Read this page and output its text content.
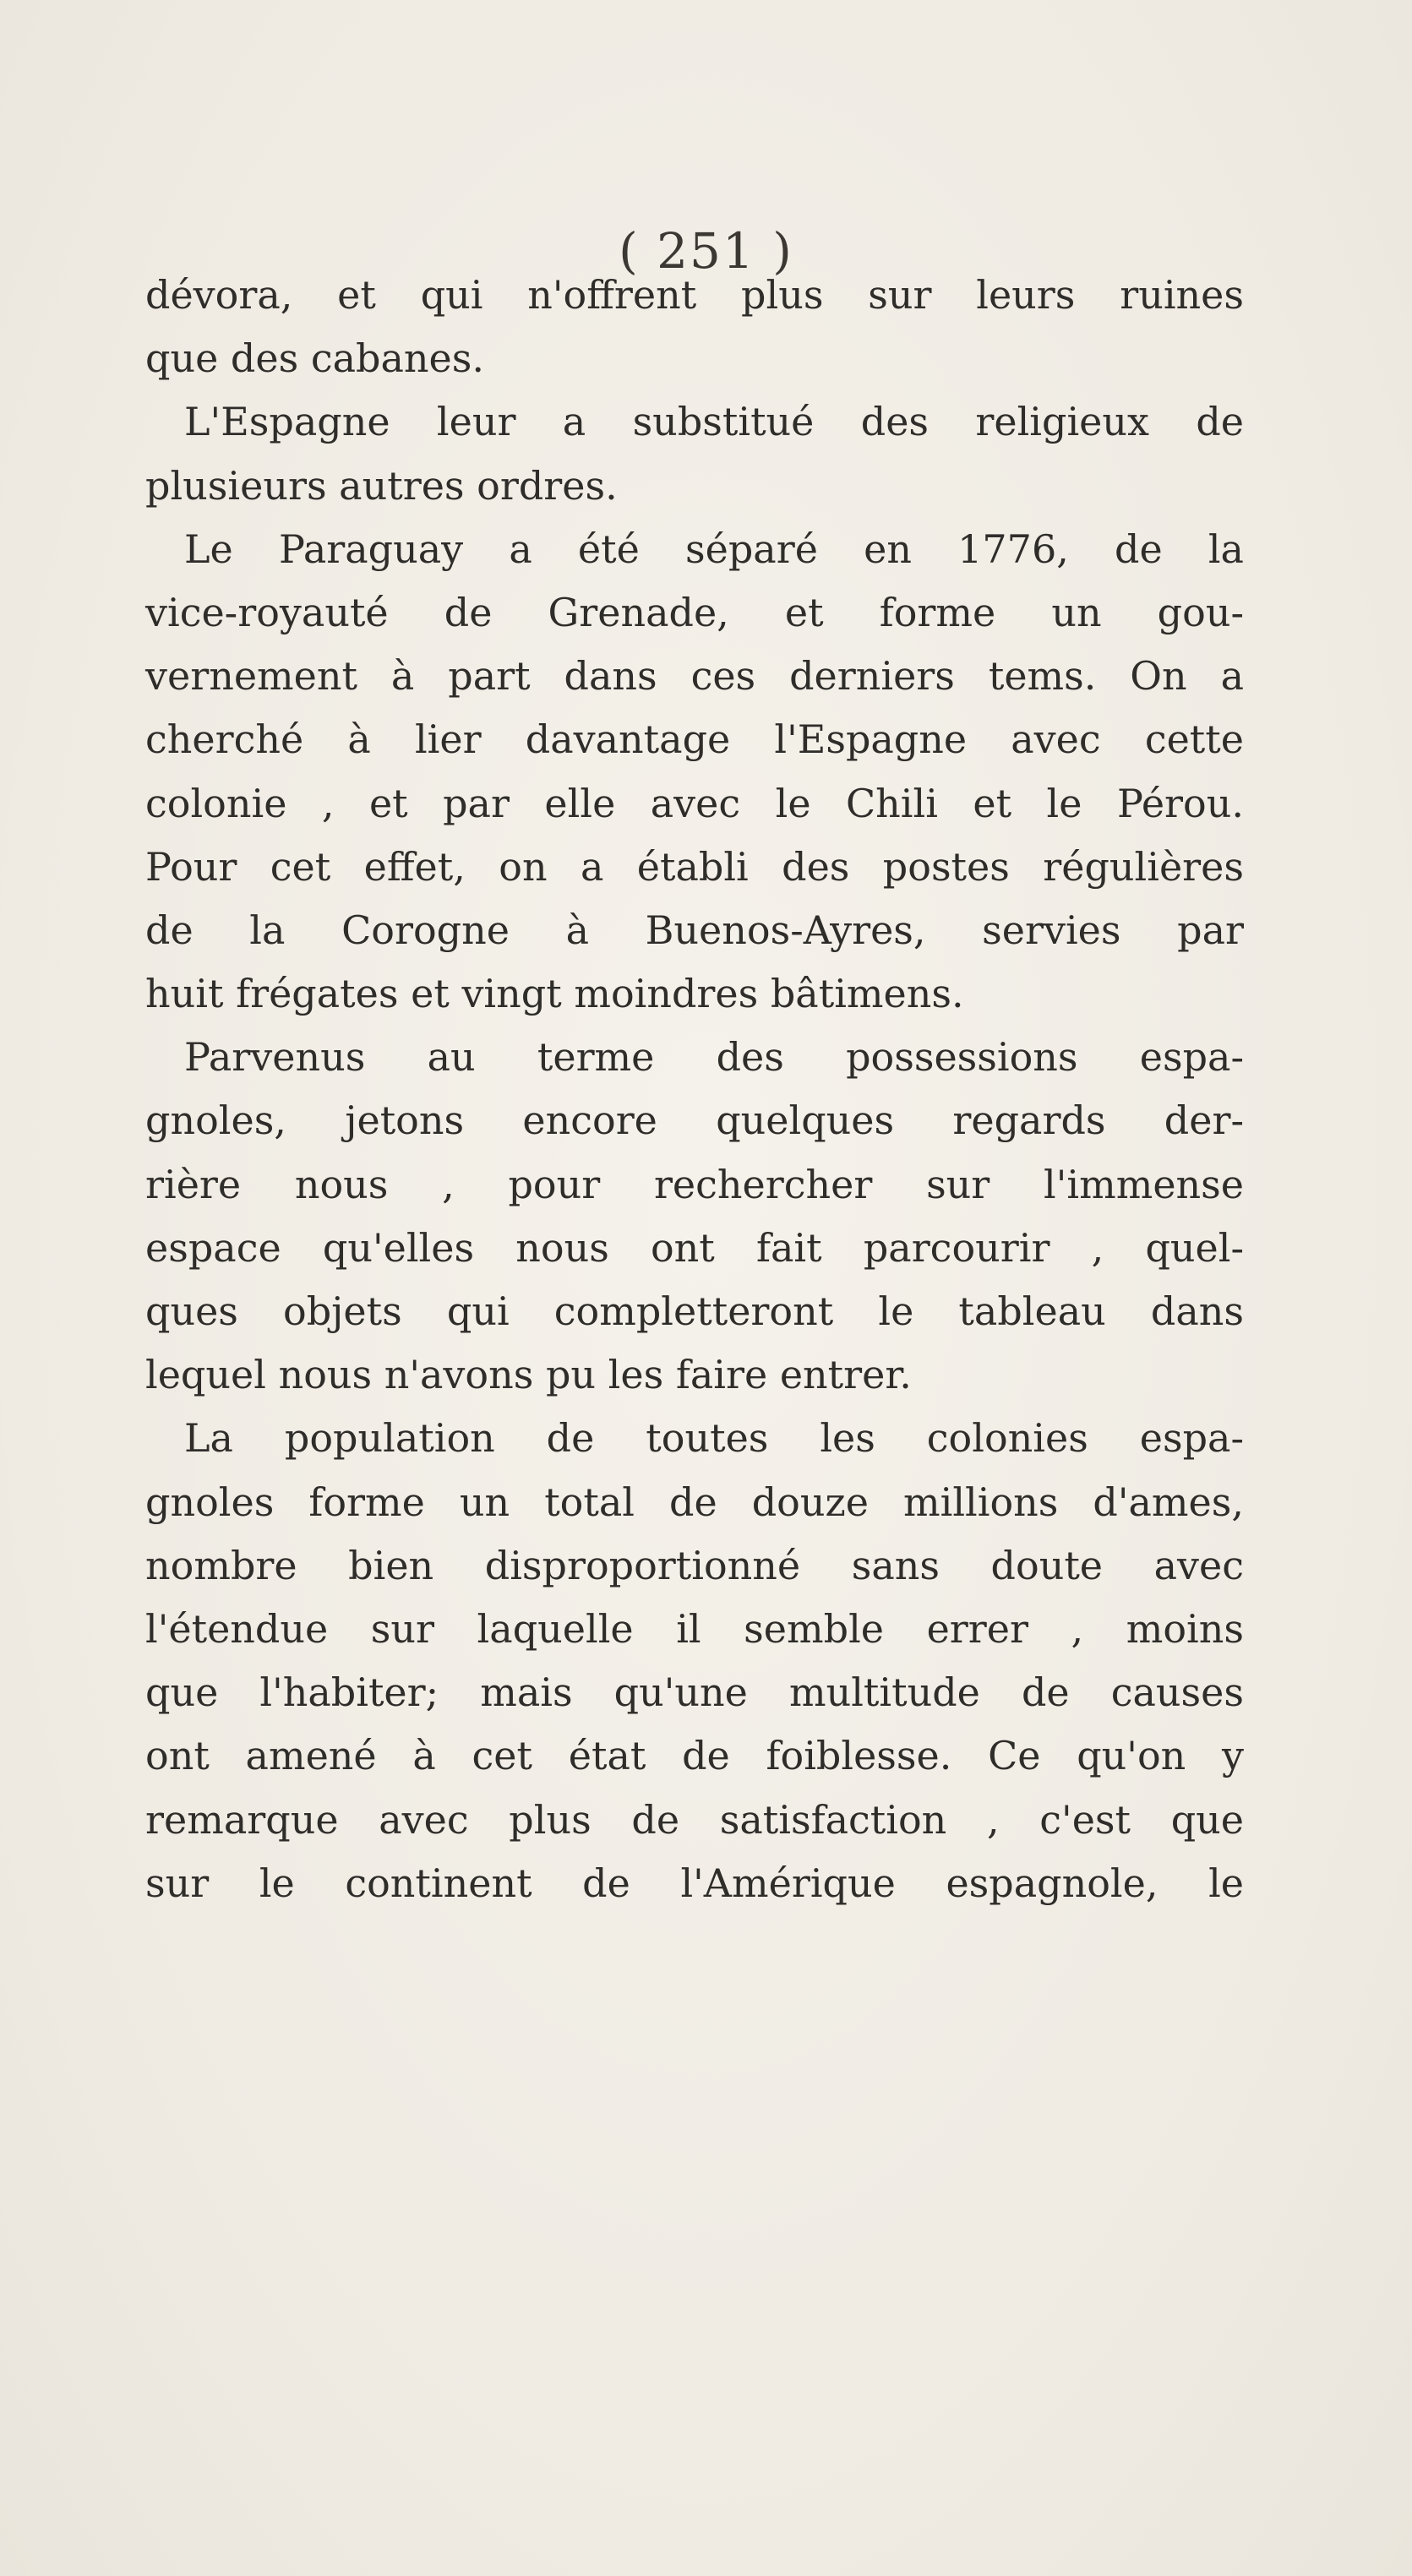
( 251 )
dévora, et qui n'offrent plus sur leurs ruines
que des cabanes.
L'Espagne leur a substitué des religieux de
plusieurs autres ordres.
Le Paraguay a été séparé en 1776, de la
vice-royauté de Grenade, et forme un gou-
vernement à part dans ces derniers tems. On a
cherché à lier davantage l'Espagne avec cette
colonie , et par elle avec le Chili et le Pérou.
Pour cet effet, on a établi des postes régulières
de la Corogne à Buenos-Ayres, servies par
huit frégates et vingt moindres bâtimens.
Parvenus au terme des possessions espa-
gnoles, jetons encore quelques regards der-
rière nous , pour rechercher sur l'immense
espace qu'elles nous ont fait parcourir , quel-
ques objets qui completteront le tableau dans
lequel nous n'avons pu les faire entrer.
La population de toutes les colonies espa-
gnoles forme un total de douze millions d'ames,
nombre bien disproportionné sans doute avec
l'étendue sur laquelle il semble errer , moins
que l'habiter; mais qu'une multitude de causes
ont amené à cet état de foiblesse. Ce qu'on y
remarque avec plus de satisfaction , c'est que
sur le continent de l'Amérique espagnole, le
